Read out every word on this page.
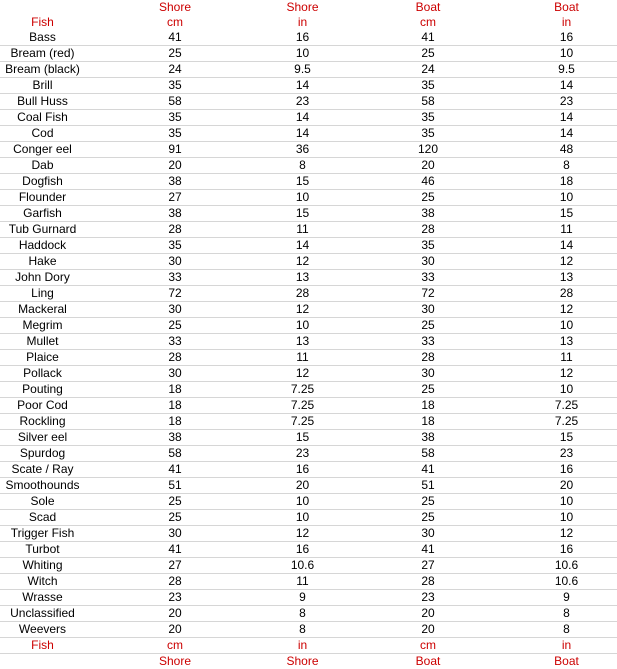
	Shore	Shore	Boat	Boat
Fish	cm	in	cm	in
Bass	41	16	41	16
Bream (red)	25	10	25	10
Bream (black)	24	9.5	24	9.5
Brill	35	14	35	14
Bull Huss	58	23	58	23
Coal Fish	35	14	35	14
Cod	35	14	35	14
Conger eel	91	36	120	48
Dab	20	8	20	8
Dogfish	38	15	46	18
Flounder	27	10	25	10
Garfish	38	15	38	15
Tub Gurnard	28	11	28	11
Haddock	35	14	35	14
Hake	30	12	30	12
John Dory	33	13	33	13
Ling	72	28	72	28
Mackeral	30	12	30	12
Megrim	25	10	25	10
Mullet	33	13	33	13
Plaice	28	11	28	11
Pollack	30	12	30	12
Pouting	18	7.25	25	10
Poor Cod	18	7.25	18	7.25
Rockling	18	7.25	18	7.25
Silver eel	38	15	38	15
Spurdog	58	23	58	23
Scate / Ray	41	16	41	16
Smoothounds	51	20	51	20
Sole	25	10	25	10
Scad	25	10	25	10
Trigger Fish	30	12	30	12
Turbot	41	16	41	16
Whiting	27	10.6	27	10.6
Witch	28	11	28	10.6
Wrasse	23	9	23	9
Unclassified	20	8	20	8
Weevers	20	8	20	8
Fish	cm	in	cm	in
	Shore	Shore	Boat	Boat
